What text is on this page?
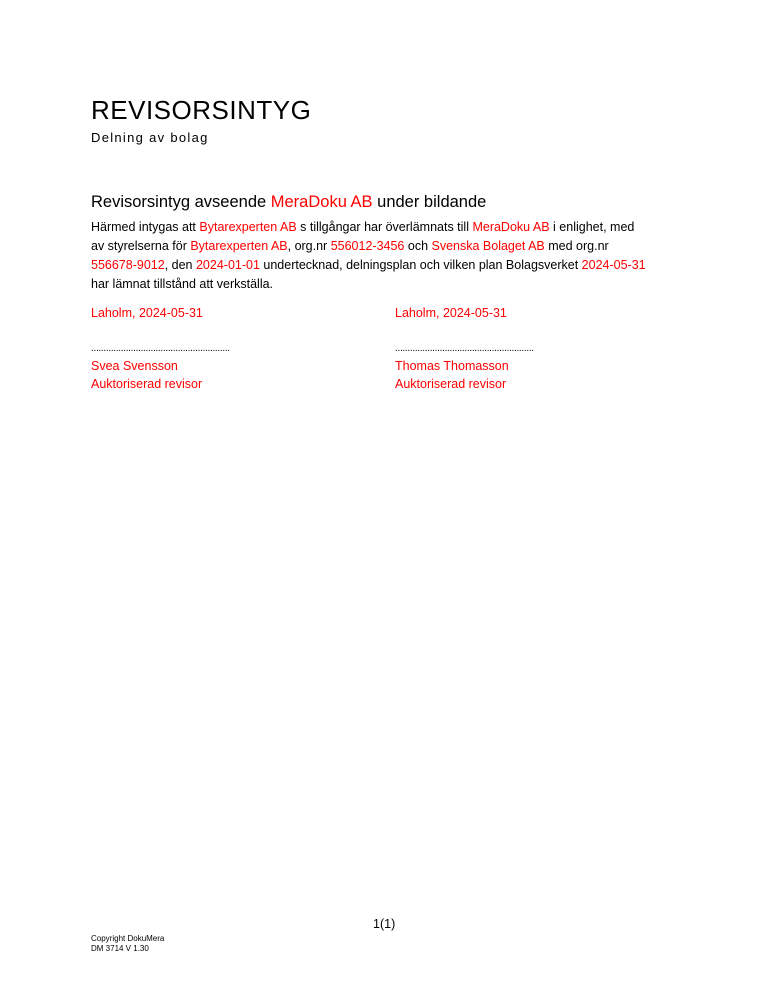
REVISORSINTYG
Delning av bolag
Revisorsintyg avseende MeraDoku AB under bildande
Härmed intygas att Bytarexperten AB s tillgångar har överlämnats till MeraDoku AB i enlighet, med
av styrelserna för Bytarexperten AB, org.nr 556012-3456 och Svenska Bolaget AB med org.nr
556678-9012, den 2024-01-01 undertecknad, delningsplan och vilken plan Bolagsverket 2024-05-31
har lämnat tillstånd att verkställa.
Laholm, 2024-05-31
........................................................
Svea Svensson
Auktoriserad revisor
Laholm, 2024-05-31
........................................................
Thomas Thomasson
Auktoriserad revisor
1(1)
Copyright DokuMera
DM 3714 V 1.30
